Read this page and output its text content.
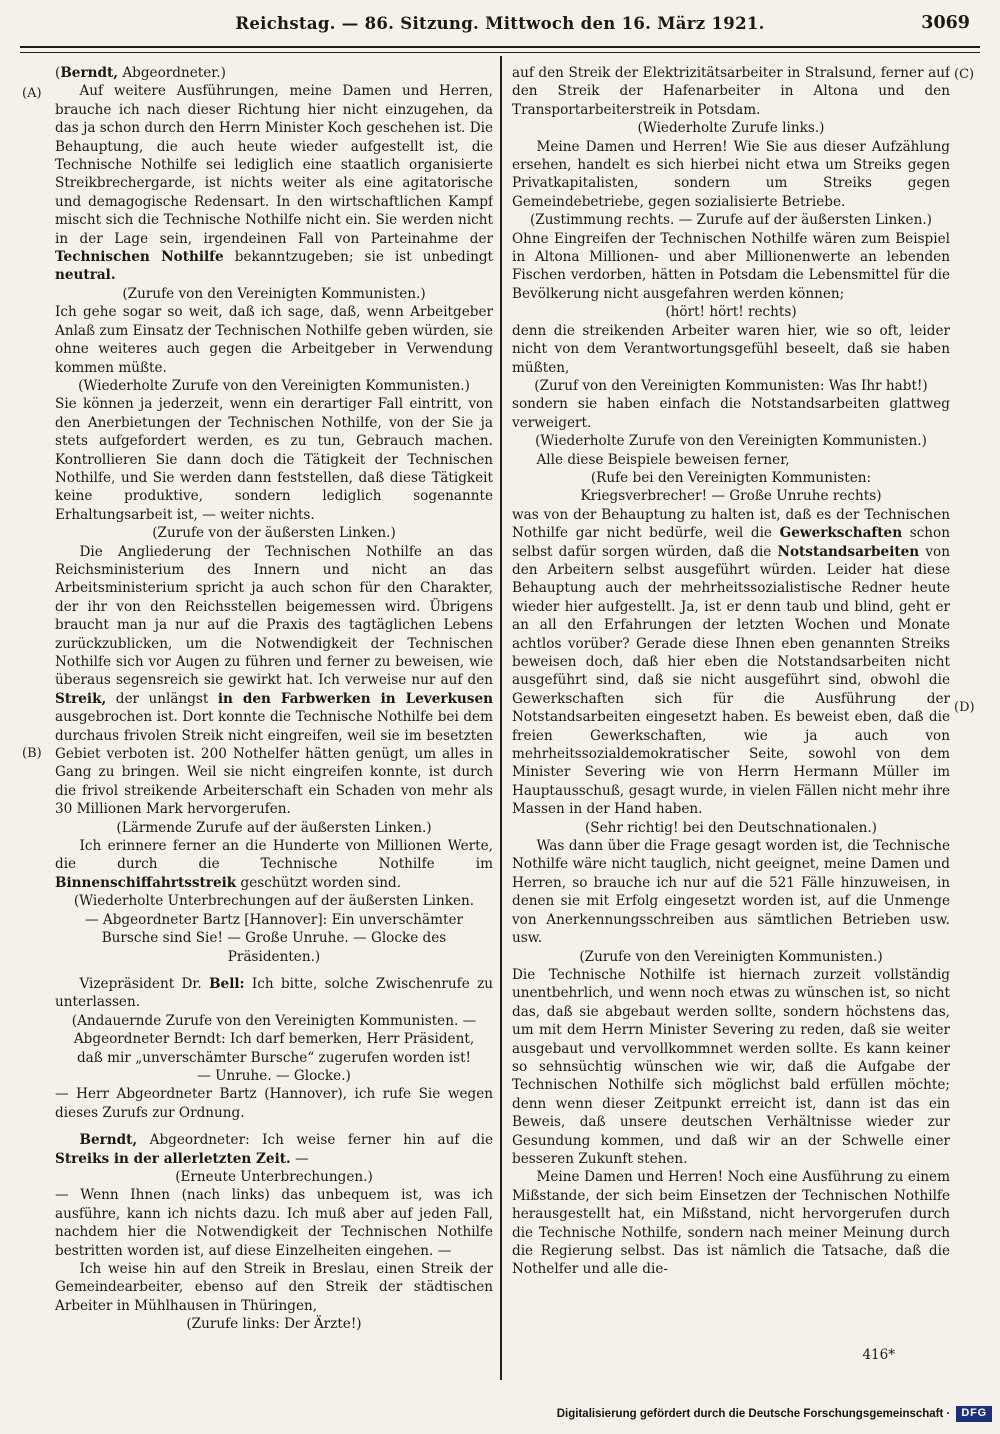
Reichstag. — 86. Sitzung. Mittwoch den 16. März 1921.	3069
(A)
(B)
(C)
(D)

(Berndt, Abgeordneter.)

Auf weitere Ausführungen, meine Damen und Herren, brauche ich nach dieser Richtung hier nicht einzugehen, da das ja schon durch den Herrn Minister Koch geschehen ist. Die Behauptung, die auch heute wieder aufgestellt ist, die Technische Nothilfe sei lediglich eine staatlich organisierte Streikbrechergarde, ist nichts weiter als eine agitatorische und demagogische Redensart. In den wirtschaftlichen Kampf mischt sich die Technische Nothilfe nicht ein. Sie werden nicht in der Lage sein, irgendeinen Fall von Parteinahme der Technischen Nothilfe bekanntzugeben; sie ist unbedingt neutral.

(Zurufe von den Vereinigten Kommunisten.)

Ich gehe sogar so weit, daß ich sage, daß, wenn Arbeitgeber Anlaß zum Einsatz der Technischen Nothilfe geben würden, sie ohne weiteres auch gegen die Arbeitgeber in Verwendung kommen müßte.

(Wiederholte Zurufe von den Vereinigten Kommunisten.)

Sie können ja jederzeit, wenn ein derartiger Fall eintritt, von den Anerbietungen der Technischen Nothilfe, von der Sie ja stets aufgefordert werden, es zu tun, Gebrauch machen. Kontrollieren Sie dann doch die Tätigkeit der Technischen Nothilfe, und Sie werden dann feststellen, daß diese Tätigkeit keine produktive, sondern lediglich sogenannte Erhaltungsarbeit ist, — weiter nichts.

(Zurufe von der äußersten Linken.)

Die Angliederung der Technischen Nothilfe an das Reichsministerium des Innern und nicht an das Arbeitsministerium spricht ja auch schon für den Charakter, der ihr von den Reichsstellen beigemessen wird. Übrigens braucht man ja nur auf die Praxis des tagtäglichen Lebens zurückzublicken, um die Notwendigkeit der Technischen Nothilfe sich vor Augen zu führen und ferner zu beweisen, wie überaus segensreich sie gewirkt hat. Ich verweise nur auf den Streik, der unlängst in den Farbwerken in Leverkusen ausgebrochen ist. Dort konnte die Technische Nothilfe bei dem durchaus frivolen Streik nicht eingreifen, weil sie im besetzten Gebiet verboten ist. 200 Nothelfer hätten genügt, um alles in Gang zu bringen. Weil sie nicht eingreifen konnte, ist durch die frivol streikende Arbeiterschaft ein Schaden von mehr als 30 Millionen Mark hervorgerufen.

(Lärmende Zurufe auf der äußersten Linken.)

Ich erinnere ferner an die Hunderte von Millionen Werte, die durch die Technische Nothilfe im Binnenschiffahrtsstreik geschützt worden sind.

(Wiederholte Unterbrechungen auf der äußersten Linken. — Abgeordneter Bartz [Hannover]: Ein unverschämter Bursche sind Sie! — Große Unruhe. — Glocke des Präsidenten.)

Vizepräsident Dr. Bell: Ich bitte, solche Zwischenrufe zu unterlassen.

(Andauernde Zurufe von den Vereinigten Kommunisten. — Abgeordneter Berndt: Ich darf bemerken, Herr Präsident, daß mir „unverschämter Bursche“ zugerufen worden ist! — Unruhe. — Glocke.)

— Herr Abgeordneter Bartz (Hannover), ich rufe Sie wegen dieses Zurufs zur Ordnung.

Berndt, Abgeordneter: Ich weise ferner hin auf die Streiks in der allerletzten Zeit. —

(Erneute Unterbrechungen.)

— Wenn Ihnen (nach links) das unbequem ist, was ich ausführe, kann ich nichts dazu. Ich muß aber auf jeden Fall, nachdem hier die Notwendigkeit der Technischen Nothilfe bestritten worden ist, auf diese Einzelheiten eingehen. —

Ich weise hin auf den Streik in Breslau, einen Streik der Gemeindearbeiter, ebenso auf den Streik der städtischen Arbeiter in Mühlhausen in Thüringen,

(Zurufe links: Der Ärzte!)

auf den Streik der Elektrizitätsarbeiter in Stralsund, ferner auf den Streik der Hafenarbeiter in Altona und den Transportarbeiterstreik in Potsdam.

(Wiederholte Zurufe links.)

Meine Damen und Herren! Wie Sie aus dieser Aufzählung ersehen, handelt es sich hierbei nicht etwa um Streiks gegen Privatkapitalisten, sondern um Streiks gegen Gemeindebetriebe, gegen sozialisierte Betriebe.

(Zustimmung rechts. — Zurufe auf der äußersten Linken.)

Ohne Eingreifen der Technischen Nothilfe wären zum Beispiel in Altona Millionen- und aber Millionenwerte an lebenden Fischen verdorben, hätten in Potsdam die Lebensmittel für die Bevölkerung nicht ausgefahren werden können;

(hört! hört! rechts)

denn die streikenden Arbeiter waren hier, wie so oft, leider nicht von dem Verantwortungsgefühl beseelt, daß sie haben müßten,

(Zuruf von den Vereinigten Kommunisten: Was Ihr habt!)

sondern sie haben einfach die Notstandsarbeiten glattweg verweigert.

(Wiederholte Zurufe von den Vereinigten Kommunisten.)

Alle diese Beispiele beweisen ferner,

(Rufe bei den Vereinigten Kommunisten: Kriegsverbrecher! — Große Unruhe rechts)

was von der Behauptung zu halten ist, daß es der Technischen Nothilfe gar nicht bedürfe, weil die Gewerkschaften schon selbst dafür sorgen würden, daß die Notstandsarbeiten von den Arbeitern selbst ausgeführt würden. Leider hat diese Behauptung auch der mehrheitssozialistische Redner heute wieder hier aufgestellt. Ja, ist er denn taub und blind, geht er an all den Erfahrungen der letzten Wochen und Monate achtlos vorüber? Gerade diese Ihnen eben genannten Streiks beweisen doch, daß hier eben die Notstandsarbeiten nicht ausgeführt sind, daß sie nicht ausgeführt sind, obwohl die Gewerkschaften sich für die Ausführung der Notstandsarbeiten eingesetzt haben. Es beweist eben, daß die freien Gewerkschaften, wie ja auch von mehrheitssozialdemokratischer Seite, sowohl von dem Minister Severing wie von Herrn Hermann Müller im Hauptausschuß, gesagt wurde, in vielen Fällen nicht mehr ihre Massen in der Hand haben.

(Sehr richtig! bei den Deutschnationalen.)

Was dann über die Frage gesagt worden ist, die Technische Nothilfe wäre nicht tauglich, nicht geeignet, meine Damen und Herren, so brauche ich nur auf die 521 Fälle hinzuweisen, in denen sie mit Erfolg eingesetzt worden ist, auf die Unmenge von Anerkennungsschreiben aus sämtlichen Betrieben usw. usw.

(Zurufe von den Vereinigten Kommunisten.)

Die Technische Nothilfe ist hiernach zurzeit vollständig unentbehrlich, und wenn noch etwas zu wünschen ist, so nicht das, daß sie abgebaut werden sollte, sondern höchstens das, um mit dem Herrn Minister Severing zu reden, daß sie weiter ausgebaut und vervollkommnet werden sollte. Es kann keiner so sehnsüchtig wünschen wie wir, daß die Aufgabe der Technischen Nothilfe sich möglichst bald erfüllen möchte; denn wenn dieser Zeitpunkt erreicht ist, dann ist das ein Beweis, daß unsere deutschen Verhältnisse wieder zur Gesundung kommen, und daß wir an der Schwelle einer besseren Zukunft stehen.

Meine Damen und Herren! Noch eine Ausführung zu einem Mißstande, der sich beim Einsetzen der Technischen Nothilfe herausgestellt hat, ein Mißstand, nicht hervorgerufen durch die Technische Nothilfe, sondern nach meiner Meinung durch die Regierung selbst. Das ist nämlich die Tatsache, daß die Nothelfer und alle die-

416*
Digitalisierung gefördert durch die Deutsche Forschungsgemeinschaft ·	DFG
